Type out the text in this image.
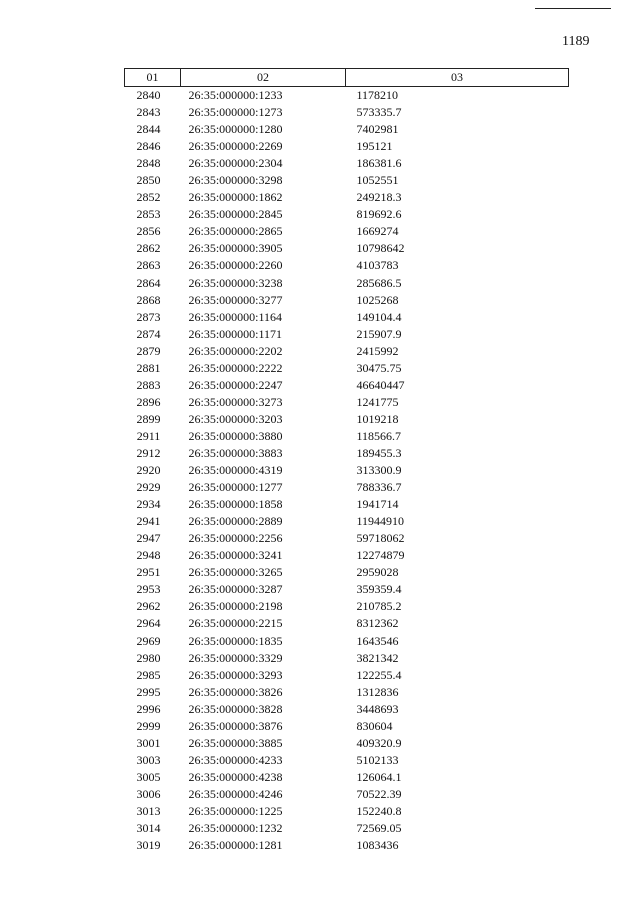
1189
01	02	03
2840	26:35:000000:1233	1178210
2843	26:35:000000:1273	573335.7
2844	26:35:000000:1280	7402981
2846	26:35:000000:2269	195121
2848	26:35:000000:2304	186381.6
2850	26:35:000000:3298	1052551
2852	26:35:000000:1862	249218.3
2853	26:35:000000:2845	819692.6
2856	26:35:000000:2865	1669274
2862	26:35:000000:3905	10798642
2863	26:35:000000:2260	4103783
2864	26:35:000000:3238	285686.5
2868	26:35:000000:3277	1025268
2873	26:35:000000:1164	149104.4
2874	26:35:000000:1171	215907.9
2879	26:35:000000:2202	2415992
2881	26:35:000000:2222	30475.75
2883	26:35:000000:2247	46640447
2896	26:35:000000:3273	1241775
2899	26:35:000000:3203	1019218
2911	26:35:000000:3880	118566.7
2912	26:35:000000:3883	189455.3
2920	26:35:000000:4319	313300.9
2929	26:35:000000:1277	788336.7
2934	26:35:000000:1858	1941714
2941	26:35:000000:2889	11944910
2947	26:35:000000:2256	59718062
2948	26:35:000000:3241	12274879
2951	26:35:000000:3265	2959028
2953	26:35:000000:3287	359359.4
2962	26:35:000000:2198	210785.2
2964	26:35:000000:2215	8312362
2969	26:35:000000:1835	1643546
2980	26:35:000000:3329	3821342
2985	26:35:000000:3293	122255.4
2995	26:35:000000:3826	1312836
2996	26:35:000000:3828	3448693
2999	26:35:000000:3876	830604
3001	26:35:000000:3885	409320.9
3003	26:35:000000:4233	5102133
3005	26:35:000000:4238	126064.1
3006	26:35:000000:4246	70522.39
3013	26:35:000000:1225	152240.8
3014	26:35:000000:1232	72569.05
3019	26:35:000000:1281	1083436
